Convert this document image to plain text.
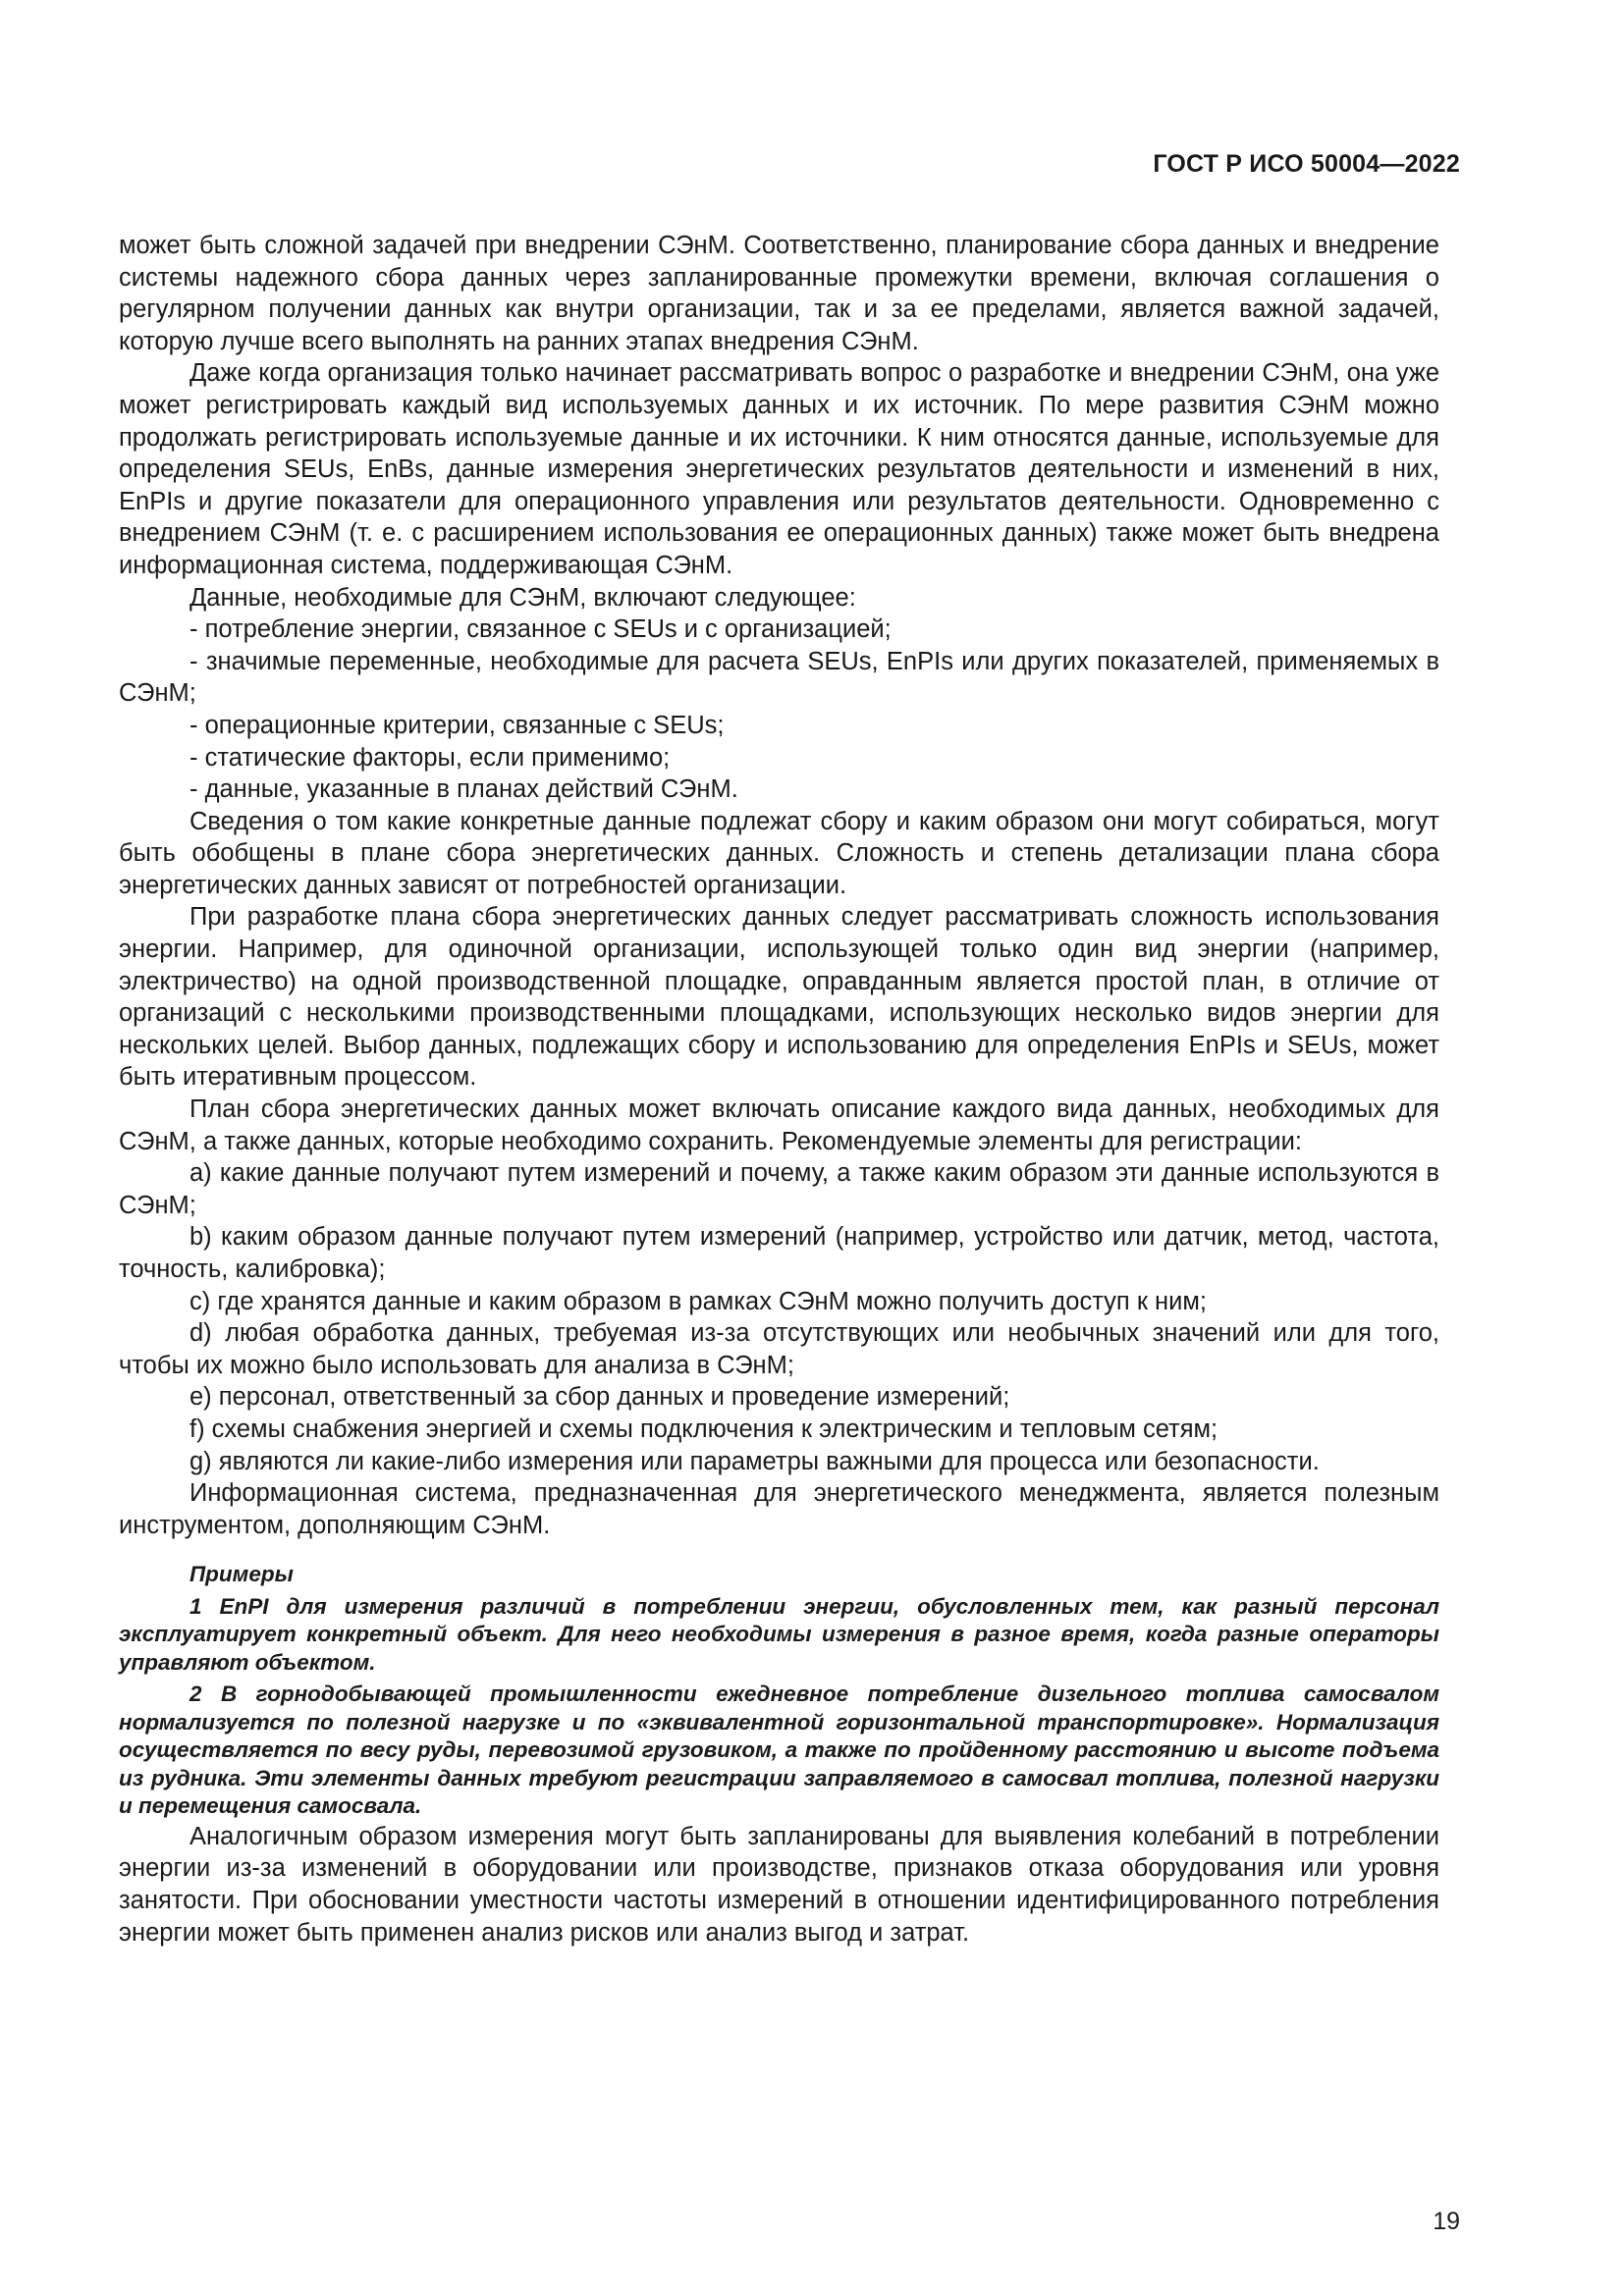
ГОСТ Р ИСО 50004—2022

может быть сложной задачей при внедрении СЭнМ. Соответственно, планирование сбора данных и внедрение системы надежного сбора данных через запланированные промежутки времени, включая соглашения о регулярном получении данных как внутри организации, так и за ее пределами, является важной задачей, которую лучше всего выполнять на ранних этапах внедрения СЭнМ.

Даже когда организация только начинает рассматривать вопрос о разработке и внедрении СЭнМ, она уже может регистрировать каждый вид используемых данных и их источник. По мере развития СЭнМ можно продолжать регистрировать используемые данные и их источники. К ним относятся данные, используемые для определения SEUs, EnBs, данные измерения энергетических результатов деятельности и изменений в них, EnPIs и другие показатели для операционного управления или результатов деятельности. Одновременно с внедрением СЭнМ (т. е. с расширением использования ее операционных данных) также может быть внедрена информационная система, поддерживающая СЭнМ.

Данные, необходимые для СЭнМ, включают следующее:

- потребление энергии, связанное с SEUs и с организацией;

- значимые переменные, необходимые для расчета SEUs, EnPIs или других показателей, применяемых в СЭнМ;

- операционные критерии, связанные с SEUs;

- статические факторы, если применимо;

- данные, указанные в планах действий СЭнМ.

Сведения о том какие конкретные данные подлежат сбору и каким образом они могут собираться, могут быть обобщены в плане сбора энергетических данных. Сложность и степень детализации плана сбора энергетических данных зависят от потребностей организации.

При разработке плана сбора энергетических данных следует рассматривать сложность использования энергии. Например, для одиночной организации, использующей только один вид энергии (например, электричество) на одной производственной площадке, оправданным является простой план, в отличие от организаций с несколькими производственными площадками, использующих несколько видов энергии для нескольких целей. Выбор данных, подлежащих сбору и использованию для определения EnPIs и SEUs, может быть итеративным процессом.

План сбора энергетических данных может включать описание каждого вида данных, необходимых для СЭнМ, а также данных, которые необходимо сохранить. Рекомендуемые элементы для регистрации:

a) какие данные получают путем измерений и почему, а также каким образом эти данные используются в СЭнМ;

b) каким образом данные получают путем измерений (например, устройство или датчик, метод, частота, точность, калибровка);

c) где хранятся данные и каким образом в рамках СЭнМ можно получить доступ к ним;

d) любая обработка данных, требуемая из-за отсутствующих или необычных значений или для того, чтобы их можно было использовать для анализа в СЭнМ;

e) персонал, ответственный за сбор данных и проведение измерений;

f) схемы снабжения энергией и схемы подключения к электрическим и тепловым сетям;

g) являются ли какие-либо измерения или параметры важными для процесса или безопасности.

Информационная система, предназначенная для энергетического менеджмента, является полезным инструментом, дополняющим СЭнМ.

Примеры

1 EnPI для измерения различий в потреблении энергии, обусловленных тем, как разный персонал эксплуатирует конкретный объект. Для него необходимы измерения в разное время, когда разные операторы управляют объектом.

2 В горнодобывающей промышленности ежедневное потребление дизельного топлива самосвалом нормализуется по полезной нагрузке и по «эквивалентной горизонтальной транспортировке». Нормализация осуществляется по весу руды, перевозимой грузовиком, а также по пройденному расстоянию и высоте подъема из рудника. Эти элементы данных требуют регистрации заправляемого в самосвал топлива, полезной нагрузки и перемещения самосвала.

Аналогичным образом измерения могут быть запланированы для выявления колебаний в потреблении энергии из-за изменений в оборудовании или производстве, признаков отказа оборудования или уровня занятости. При обосновании уместности частоты измерений в отношении идентифицированного потребления энергии может быть применен анализ рисков или анализ выгод и затрат.

19
